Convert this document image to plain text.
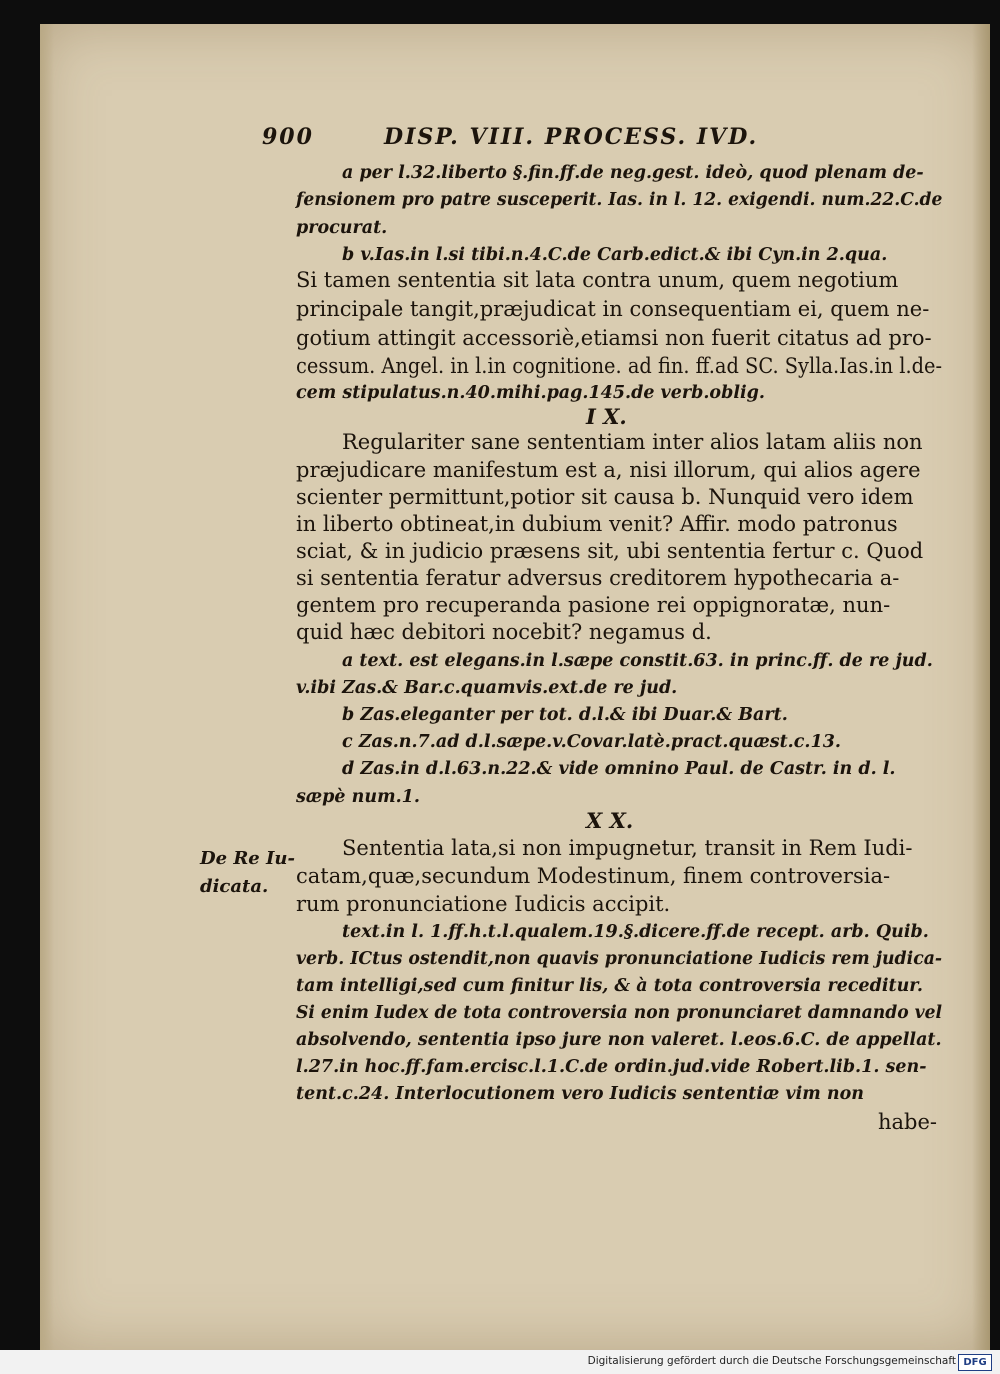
900	DISP. VIII. PROCESS. IVD.
a per l.32.liberto §.fin.ff.de neg.gest. ideò, quod plenam de-
fensionem pro patre susceperit. Ias. in l. 12. exigendi. num.22.C.de
procurat.
b v.Ias.in l.si tibi.n.4.C.de Carb.edict.& ibi Cyn.in 2.qua.
Si tamen sententia sit lata contra unum, quem negotium
principale tangit,præjudicat in consequentiam ei, quem ne-
gotium attingit accessoriè,etiamsi non fuerit citatus ad pro-
cessum. Angel. in l.in cognitione. ad fin. ff.ad SC. Sylla.Ias.in l.de-
cem stipulatus.n.40.mihi.pag.145.de verb.oblig.
I X.
Regulariter sane sententiam inter alios latam aliis non
præjudicare manifestum est a, nisi illorum, qui alios agere
scienter permittunt,potior sit causa b. Nunquid vero idem
in liberto obtineat,in dubium venit? Affir. modo patronus
sciat, & in judicio præsens sit, ubi sententia fertur c. Quod
si sententia feratur adversus creditorem hypothecaria a-
gentem pro recuperanda pasione rei oppignoratæ, nun-
quid hæc debitori nocebit? negamus d.
a text. est elegans.in l.sæpe constit.63. in princ.ff. de re jud.
v.ibi Zas.& Bar.c.quamvis.ext.de re jud.
b Zas.eleganter per tot. d.l.& ibi Duar.& Bart.
c Zas.n.7.ad d.l.sæpe.v.Covar.latè.pract.quæst.c.13.
d Zas.in d.l.63.n.22.& vide omnino Paul. de Castr. in d. l.
sæpè num.1.
X X.
De Re Iu-
dicata.
Sententia lata,si non impugnetur, transit in Rem Iudi-
catam,quæ,secundum Modestinum, finem controversia-
rum pronunciatione Iudicis accipit.
text.in l. 1.ff.h.t.l.qualem.19.§.dicere.ff.de recept. arb. Quib.
verb. ICtus ostendit,non quavis pronunciatione Iudicis rem judica-
tam intelligi,sed cum finitur lis, & à tota controversia receditur.
Si enim Iudex de tota controversia non pronunciaret damnando vel
absolvendo, sententia ipso jure non valeret. l.eos.6.C. de appellat.
l.27.in hoc.ff.fam.ercisc.l.1.C.de ordin.jud.vide Robert.lib.1. sen-
tent.c.24. Interlocutionem vero Iudicis sententiæ vim non
habe-
Digitalisierung gefördert durch die Deutsche Forschungsgemeinschaft DFG
